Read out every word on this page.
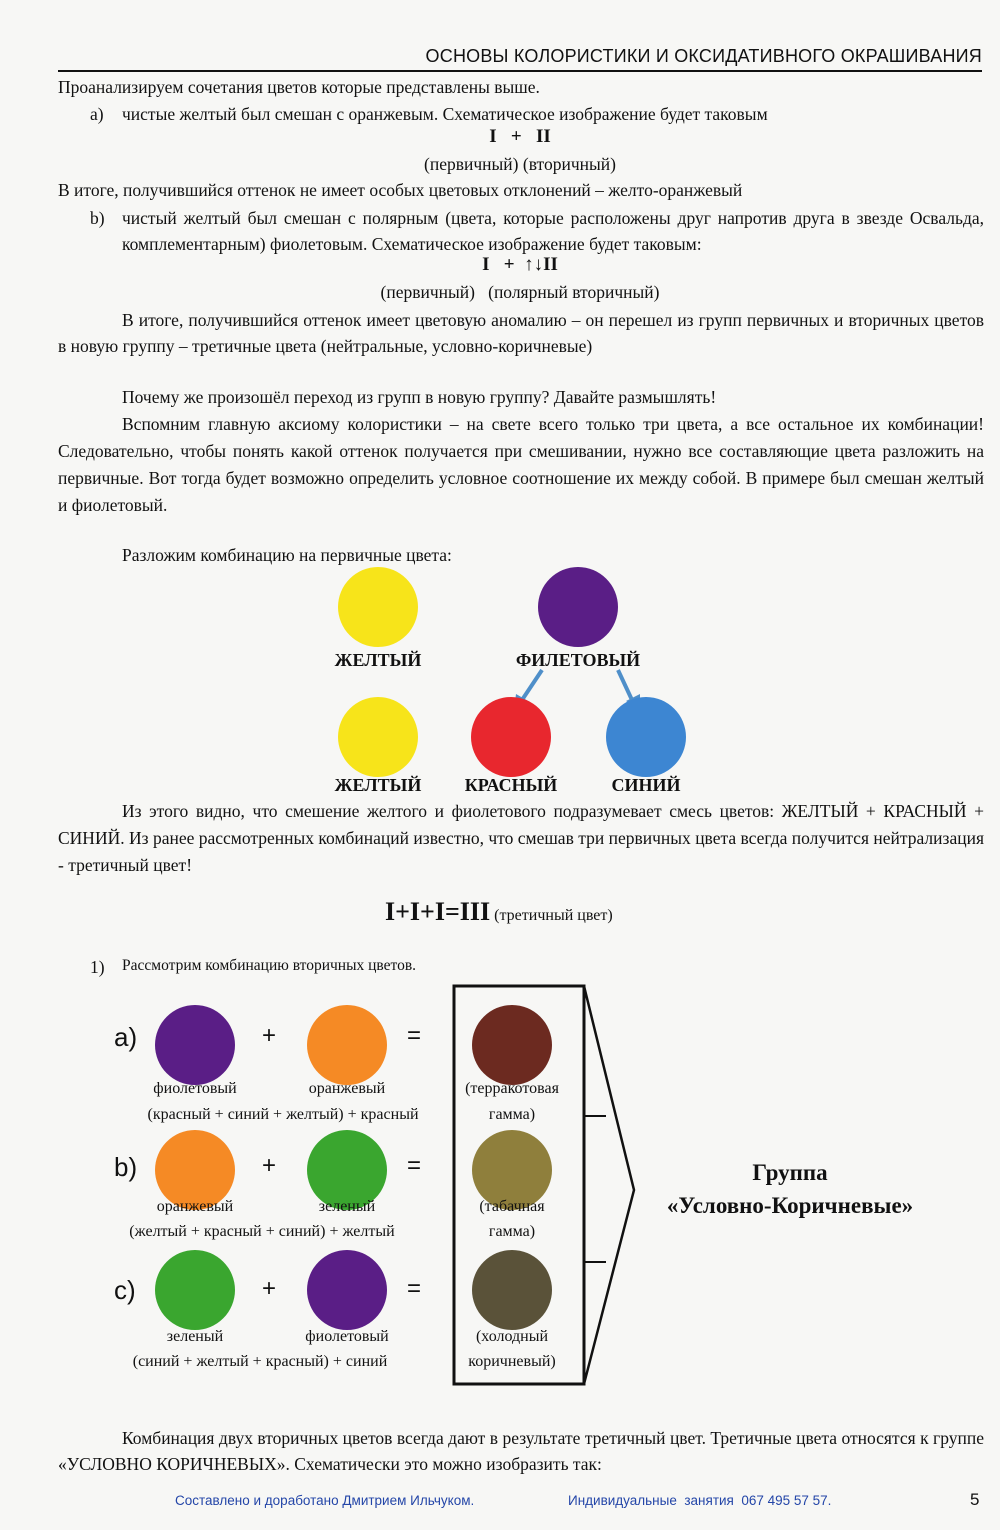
ОСНОВЫ КОЛОРИСТИКИ И ОКСИДАТИВНОГО ОКРАШИВАНИЯ
Проанализируем сочетания цветов которые представлены выше.
a) чистые желтый был смешан с оранжевым. Схематическое изображение будет таковым
I   +   II
(первичный) (вторичный)
В итоге, получившийся оттенок не имеет особых цветовых отклонений – желто-оранжевый
b) чистый желтый был смешан с полярным (цвета, которые расположены друг напротив друга в звезде Освальда, комплементарным) фиолетовым. Схематическое изображение будет таковым:
I   +  ↑↓II
(первичный)   (полярный вторичный)
В итоге, получившийся оттенок имеет цветовую аномалию – он перешел из групп первичных и вторичных цветов в новую группу – третичные цвета (нейтральные, условно-коричневые)
Почему же произошёл переход из групп в новую группу? Давайте размышлять!
Вспомним главную аксиому колористики – на свете всего только три цвета, а все остальное их комбинации! Следовательно, чтобы понять какой оттенок получается при смешивании, нужно все составляющие цвета разложить на первичные. Вот тогда будет возможно определить условное соотношение их между собой. В примере был смешан желтый и фиолетовый.
Разложим комбинацию на первичные цвета:
ЖЕЛТЫЙ	ФИЛЕТОВЫЙ
ЖЕЛТЫЙ	КРАСНЫЙ	СИНИЙ
Из этого видно, что смешение желтого и фиолетового подразумевает смесь цветов: ЖЕЛТЫЙ + КРАСНЫЙ + СИНИЙ. Из ранее рассмотренных комбинаций известно, что смешав три первичных цвета всегда получится нейтрализация - третичный цвет!
I+I+I=III (третичный цвет)
1) Рассмотрим комбинацию вторичных цветов.
a)	+	=
фиолетовый	оранжевый
(красный + синий + желтый) + красный
(терракотовая
гамма)
b)	+	=
оранжевый	зеленый
(желтый + красный + синий) + желтый
(табачная
гамма)
c)	+	=
зеленый	фиолетовый
(синий + желтый + красный) + синий
(холодный
коричневый)
Группа
«Условно-Коричневые»
Комбинация двух вторичных цветов всегда дают в результате третичный цвет. Третичные цвета относятся к группе «УСЛОВНО КОРИЧНЕВЫХ». Схематически это можно изобразить так:
Составлено и доработано Дмитрием Ильчуком.	Индивидуальные  занятия  067 495 57 57.	5
